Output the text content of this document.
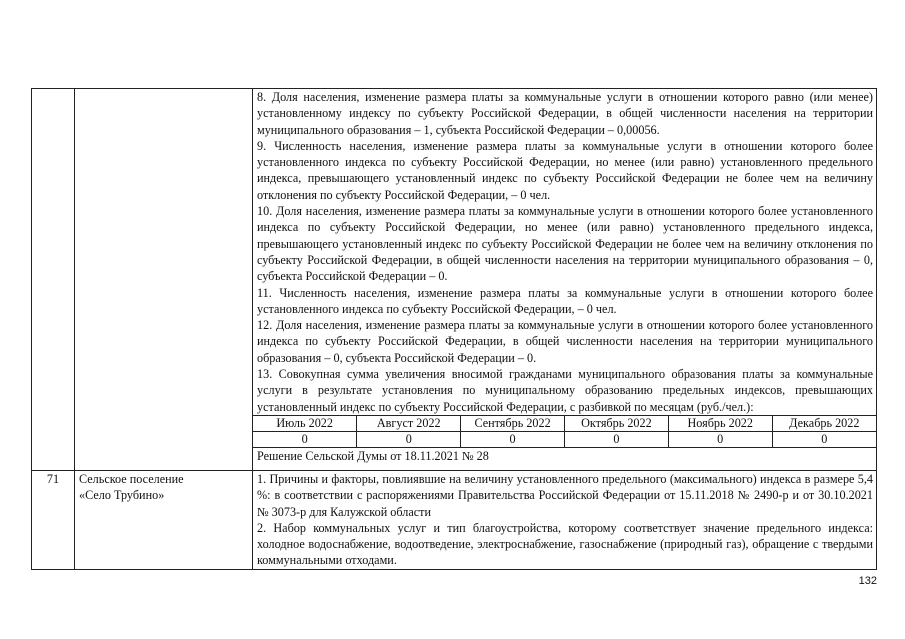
8. Доля населения, изменение размера платы за коммунальные услуги в отношении которого равно (или менее) установленному индексу по субъекту Российской Федерации, в общей численности населения на территории муниципального образования – 1, субъекта Российской Федерации – 0,00056.
9. Численность населения, изменение размера платы за коммунальные услуги в отношении которого более установленного индекса по субъекту Российской Федерации, но менее (или равно) установленного предельного индекса, превышающего установленный индекс по субъекту Российской Федерации не более чем на величину отклонения по субъекту Российской Федерации, – 0 чел.
10. Доля населения, изменение размера платы за коммунальные услуги в отношении которого более установленного индекса по субъекту Российской Федерации, но менее (или равно) установленного предельного индекса, превышающего установленный индекс по субъекту Российской Федерации не более чем на величину отклонения по субъекту Российской Федерации, в общей численности населения на территории муниципального образования – 0, субъекта Российской Федерации – 0.
11. Численность населения, изменение размера платы за коммунальные услуги в отношении которого более установленного индекса по субъекту Российской Федерации, – 0 чел.
12. Доля населения, изменение размера платы за коммунальные услуги в отношении которого более установленного индекса по субъекту Российской Федерации, в общей численности населения на территории муниципального образования – 0, субъекта Российской Федерации – 0.
13. Совокупная сумма увеличения вносимой гражданами муниципального образования платы за коммунальные услуги в результате установления по муниципальному образованию предельных индексов, превышающих установленный индекс по субъекту Российской Федерации, с разбивкой по месяцам (руб./чел.):
Июль 2022	Август 2022	Сентябрь 2022	Октябрь 2022	Ноябрь 2022	Декабрь 2022
0	0	0	0	0	0
Решение Сельской Думы от 18.11.2021 № 28

71	Сельское поселение
«Село Трубино»

1. Причины и факторы, повлиявшие на величину установленного предельного (максимального) индекса в размере 5,4 %: в соответствии с распоряжениями Правительства Российской Федерации от 15.11.2018 № 2490-р и от 30.10.2021 № 3073-р для Калужской области
2. Набор коммунальных услуг и тип благоустройства, которому соответствует значение предельного индекса: холодное водоснабжение, водоотведение, электроснабжение, газоснабжение (природный газ), обращение с твердыми коммунальными отходами.
132
